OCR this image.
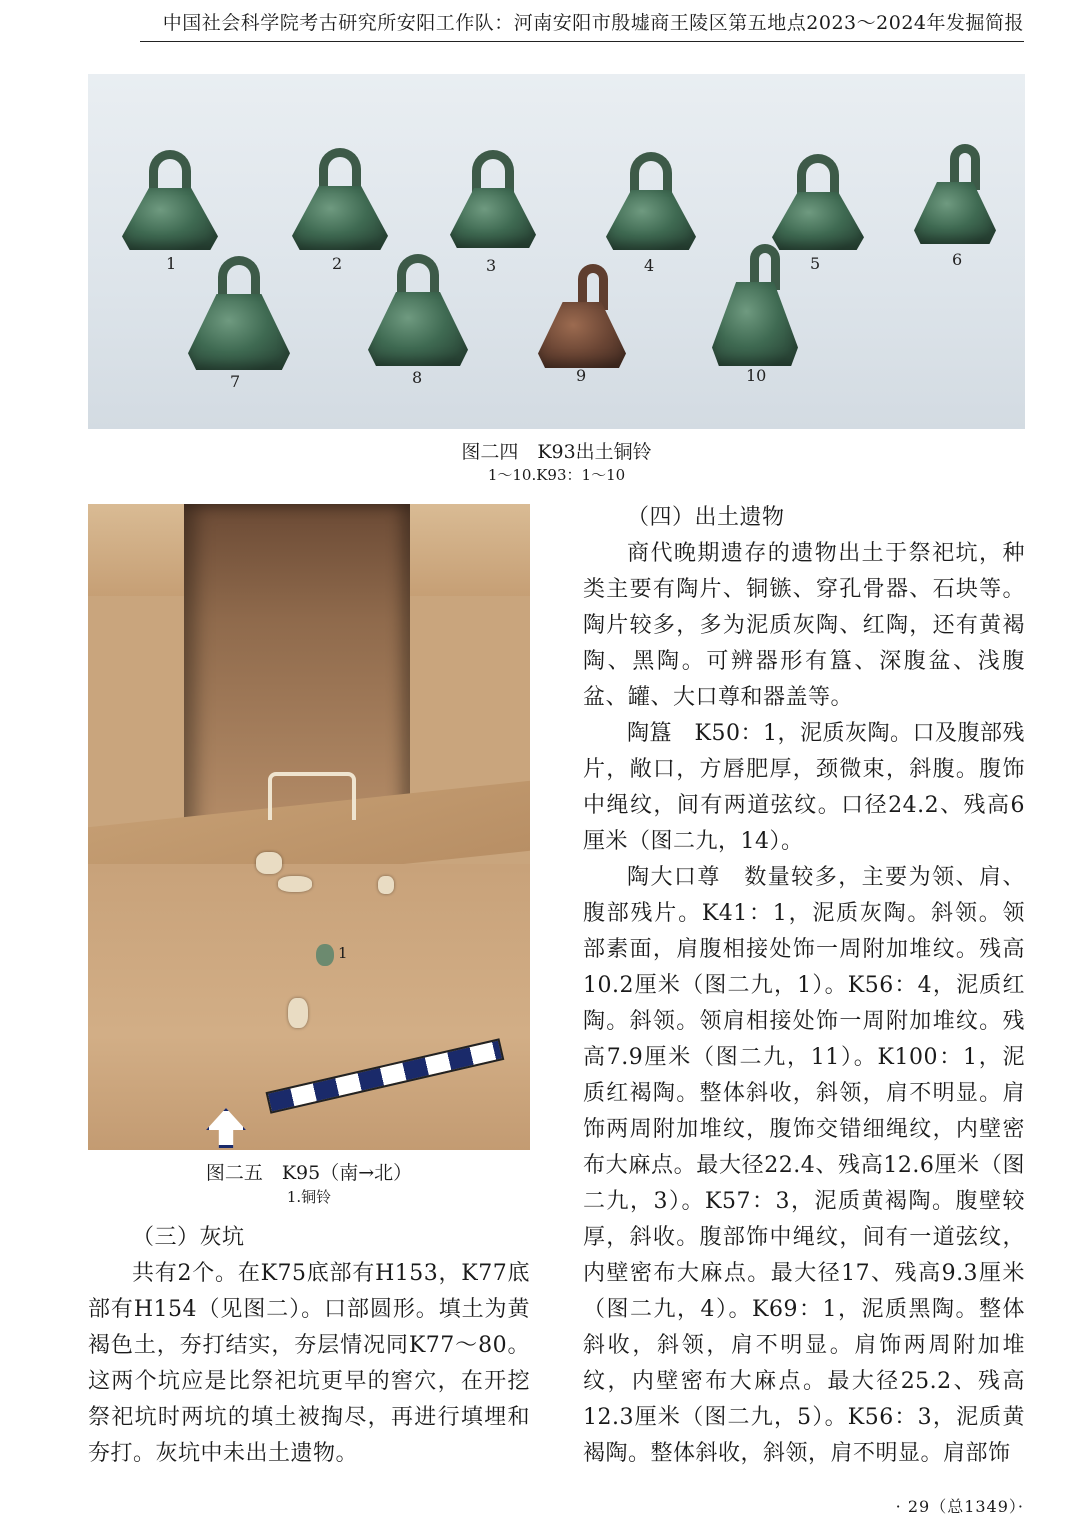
中国社会科学院考古研究所安阳工作队：河南安阳市殷墟商王陵区第五地点2023～2024年发掘简报
1	2	3	4	5	6
7	8	9	10
图二四　K93出土铜铃
1～10.K93：1～10
1
图二五　K95（南→北）
1.铜铃
（三）灰坑

共有2个。在K75底部有H153，K77底部有H154（见图二）。口部圆形。填土为黄褐色土，夯打结实，夯层情况同K77～80。这两个坑应是比祭祀坑更早的窖穴，在开挖祭祀坑时两坑的填土被掏尽，再进行填埋和夯打。灰坑中未出土遗物。

（四）出土遗物

商代晚期遗存的遗物出土于祭祀坑，种类主要有陶片、铜镞、穿孔骨器、石块等。陶片较多，多为泥质灰陶、红陶，还有黄褐陶、黑陶。可辨器形有簋、深腹盆、浅腹盆、罐、大口尊和器盖等。

陶簋　K50：1，泥质灰陶。口及腹部残片，敞口，方唇肥厚，颈微束，斜腹。腹饰中绳纹，间有两道弦纹。口径24.2、残高6厘米（图二九，14）。

陶大口尊　数量较多，主要为领、肩、腹部残片。K41：1，泥质灰陶。斜领。领部素面，肩腹相接处饰一周附加堆纹。残高10.2厘米（图二九，1）。K56：4，泥质红陶。斜领。领肩相接处饰一周附加堆纹。残高7.9厘米（图二九，11）。K100：1，泥质红褐陶。整体斜收，斜领，肩不明显。肩饰两周附加堆纹，腹饰交错细绳纹，内壁密布大麻点。最大径22.4、残高12.6厘米（图二九，3）。K57：3，泥质黄褐陶。腹壁较厚，斜收。腹部饰中绳纹，间有一道弦纹，内壁密布大麻点。最大径17、残高9.3厘米（图二九，4）。K69：1，泥质黑陶。整体斜收，斜领，肩不明显。肩饰两周附加堆纹，内壁密布大麻点。最大径25.2、残高12.3厘米（图二九，5）。K56：3，泥质黄褐陶。整体斜收，斜领，肩不明显。肩部饰

· 29（总1349）·
